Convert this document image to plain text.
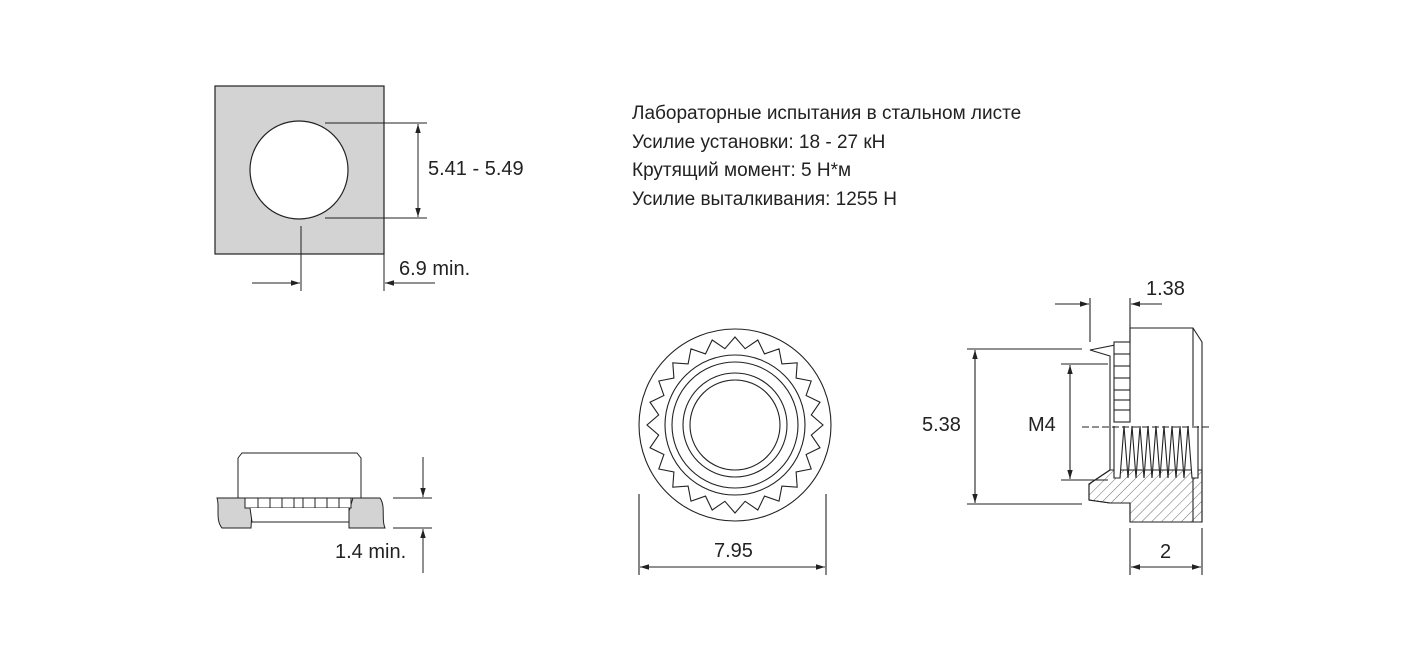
Лабораторные испытания в стальном листе
Усилие установки: 18 - 27 кН
Крутящий момент: 5 Н*м
Усилие выталкивания: 1255 Н
5.41 - 5.49
6.9 min.
1.4 min.	7.95
1.38
5.38	M4
2
